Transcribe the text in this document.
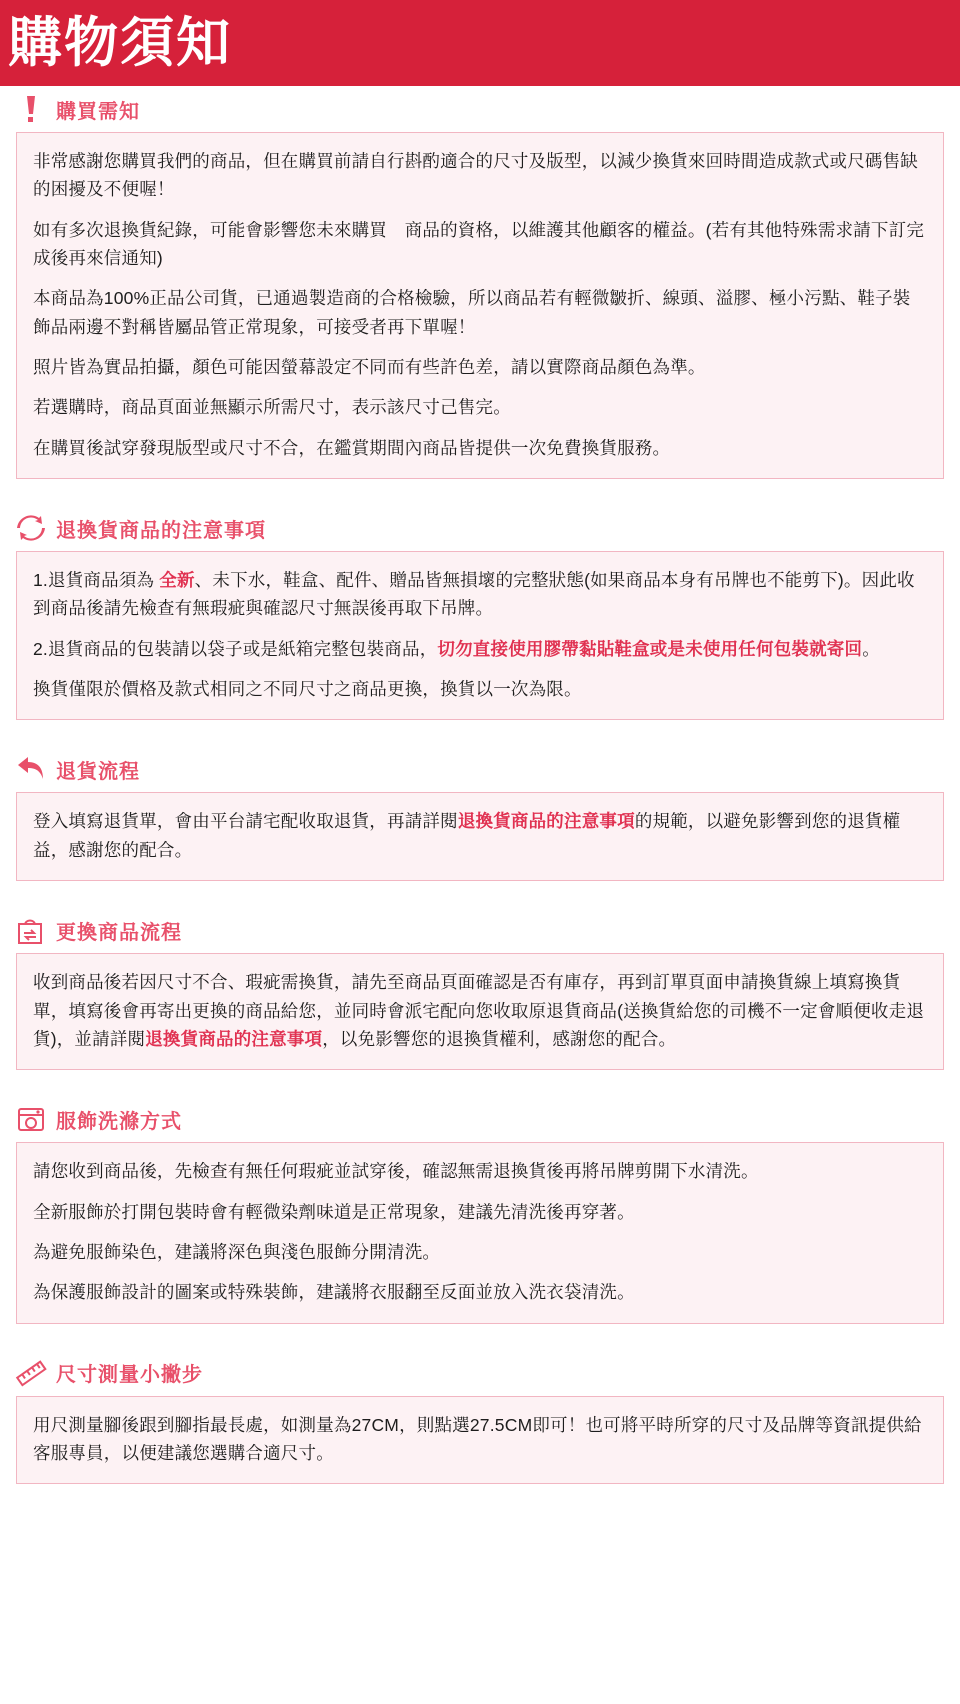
購物須知
購買需知

非常感謝您購買我們的商品，但在購買前請自行斟酌適合的尺寸及版型，以減少換貨來回時間造成款式或尺碼售缺的困擾及不便喔！

如有多次退換貨紀錄，可能會影響您未來購買　商品的資格，以維護其他顧客的權益。(若有其他特殊需求請下訂完成後再來信通知)

本商品為100%正品公司貨，已通過製造商的合格檢驗，所以商品若有輕微皺折、線頭、溢膠、極小污點、鞋子裝飾品兩邊不對稱皆屬品管正常現象，可接受者再下單喔！

照片皆為實品拍攝，顏色可能因螢幕設定不同而有些許色差，請以實際商品顏色為準。

若選購時，商品頁面並無顯示所需尺寸，表示該尺寸己售完。

在購買後試穿發現版型或尺寸不合，在鑑賞期間內商品皆提供一次免費換貨服務。

退換貨商品的注意事項

1.退貨商品須為 全新、未下水，鞋盒、配件、贈品皆無損壞的完整狀態(如果商品本身有吊牌也不能剪下)。因此收到商品後請先檢查有無瑕疵與確認尺寸無誤後再取下吊牌。

2.退貨商品的包裝請以袋子或是紙箱完整包裝商品，切勿直接使用膠帶黏貼鞋盒或是未使用任何包裝就寄回。

換貨僅限於價格及款式相同之不同尺寸之商品更換，換貨以一次為限。

退貨流程

登入填寫退貨單，會由平台請宅配收取退貨，再請詳閱退換貨商品的注意事項的規範，以避免影響到您的退貨權益，感謝您的配合。

更換商品流程

收到商品後若因尺寸不合、瑕疵需換貨，請先至商品頁面確認是否有庫存，再到訂單頁面申請換貨線上填寫換貨單，填寫後會再寄出更換的商品給您，並同時會派宅配向您收取原退貨商品(送換貨給您的司機不一定會順便收走退貨)，並請詳閱退換貨商品的注意事項，以免影響您的退換貨權利，感謝您的配合。

服飾洗滌方式

請您收到商品後，先檢查有無任何瑕疵並試穿後，確認無需退換貨後再將吊牌剪開下水清洗。

全新服飾於打開包裝時會有輕微染劑味道是正常現象，建議先清洗後再穿著。

為避免服飾染色，建議將深色與淺色服飾分開清洗。

為保護服飾設計的圖案或特殊裝飾，建議將衣服翻至反面並放入洗衣袋清洗。

尺寸測量小撇步

用尺測量腳後跟到腳指最長處，如測量為27CM，則點選27.5CM即可！也可將平時所穿的尺寸及品牌等資訊提供給客服專員，以便建議您選購合適尺寸。
